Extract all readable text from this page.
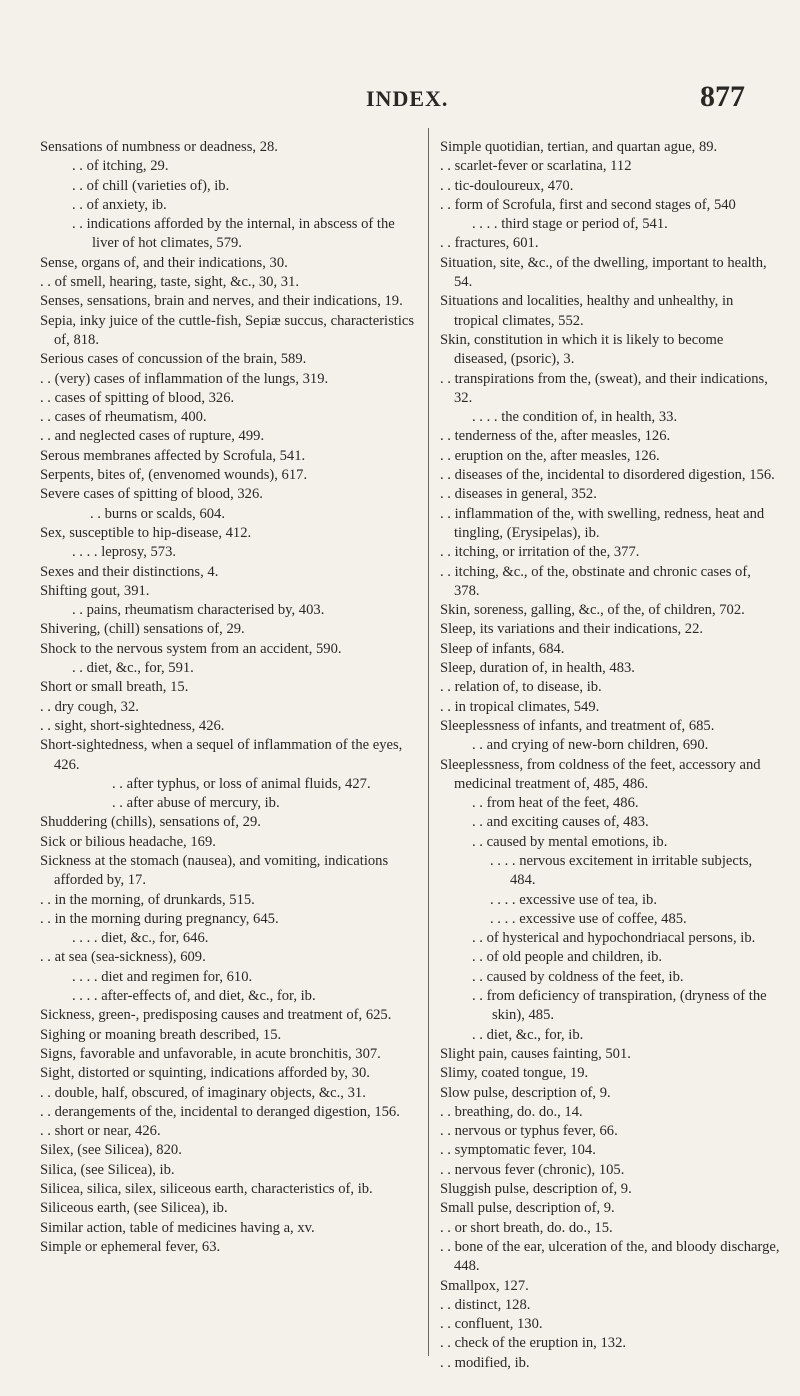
INDEX.	877

Sensations of numbness or deadness, 28.

. . of itching, 29.

. . of chill (varieties of), ib.

. . of anxiety, ib.

. . indications afforded by the internal, in abscess of the liver of hot climates, 579.

Sense, organs of, and their indications, 30.

. . of smell, hearing, taste, sight, &c., 30, 31.

Senses, sensations, brain and nerves, and their indications, 19.

Sepia, inky juice of the cuttle-fish, Sepiæ succus, characteristics of, 818.

Serious cases of concussion of the brain, 589.

. . (very) cases of inflammation of the lungs, 319.

. . cases of spitting of blood, 326.

. . cases of rheumatism, 400.

. . and neglected cases of rupture, 499.

Serous membranes affected by Scrofula, 541.

Serpents, bites of, (envenomed wounds), 617.

Severe cases of spitting of blood, 326.

. . burns or scalds, 604.

Sex, susceptible to hip-disease, 412.

. . . . leprosy, 573.

Sexes and their distinctions, 4.

Shifting gout, 391.

. . pains, rheumatism characterised by, 403.

Shivering, (chill) sensations of, 29.

Shock to the nervous system from an accident, 590.

. . diet, &c., for, 591.

Short or small breath, 15.

. . dry cough, 32.

. . sight, short-sightedness, 426.

Short-sightedness, when a sequel of inflammation of the eyes, 426.

. . after typhus, or loss of animal fluids, 427.

. . after abuse of mercury, ib.

Shuddering (chills), sensations of, 29.

Sick or bilious headache, 169.

Sickness at the stomach (nausea), and vomiting, indications afforded by, 17.

. . in the morning, of drunkards, 515.

. . in the morning during pregnancy, 645.

. . . . diet, &c., for, 646.

. . at sea (sea-sickness), 609.

. . . . diet and regimen for, 610.

. . . . after-effects of, and diet, &c., for, ib.

Sickness, green-, predisposing causes and treatment of, 625.

Sighing or moaning breath described, 15.

Signs, favorable and unfavorable, in acute bronchitis, 307.

Sight, distorted or squinting, indications afforded by, 30.

. . double, half, obscured, of imaginary objects, &c., 31.

. . derangements of the, incidental to deranged digestion, 156.

. . short or near, 426.

Silex, (see Silicea), 820.

Silica, (see Silicea), ib.

Silicea, silica, silex, siliceous earth, characteristics of, ib.

Siliceous earth, (see Silicea), ib.

Similar action, table of medicines having a, xv.

Simple or ephemeral fever, 63.

Simple quotidian, tertian, and quartan ague, 89.

. . scarlet-fever or scarlatina, 112

. . tic-douloureux, 470.

. . form of Scrofula, first and second stages of, 540

. . . . third stage or period of, 541.

. . fractures, 601.

Situation, site, &c., of the dwelling, important to health, 54.

Situations and localities, healthy and unhealthy, in tropical climates, 552.

Skin, constitution in which it is likely to become diseased, (psoric), 3.

. . transpirations from the, (sweat), and their indications, 32.

. . . . the condition of, in health, 33.

. . tenderness of the, after measles, 126.

. . eruption on the, after measles, 126.

. . diseases of the, incidental to disordered digestion, 156.

. . diseases in general, 352.

. . inflammation of the, with swelling, redness, heat and tingling, (Erysipelas), ib.

. . itching, or irritation of the, 377.

. . itching, &c., of the, obstinate and chronic cases of, 378.

Skin, soreness, galling, &c., of the, of children, 702.

Sleep, its variations and their indications, 22.

Sleep of infants, 684.

Sleep, duration of, in health, 483.

. . relation of, to disease, ib.

. . in tropical climates, 549.

Sleeplessness of infants, and treatment of, 685.

. . and crying of new-born children, 690.

Sleeplessness, from coldness of the feet, accessory and medicinal treatment of, 485, 486.

. . from heat of the feet, 486.

. . and exciting causes of, 483.

. . caused by mental emotions, ib.

. . . . nervous excitement in irritable subjects, 484.

. . . . excessive use of tea, ib.

. . . . excessive use of coffee, 485.

. . of hysterical and hypochondriacal persons, ib.

. . of old people and children, ib.

. . caused by coldness of the feet, ib.

. . from deficiency of transpiration, (dryness of the skin), 485.

. . diet, &c., for, ib.

Slight pain, causes fainting, 501.

Slimy, coated tongue, 19.

Slow pulse, description of, 9.

. . breathing, do. do., 14.

. . nervous or typhus fever, 66.

. . symptomatic fever, 104.

. . nervous fever (chronic), 105.

Sluggish pulse, description of, 9.

Small pulse, description of, 9.

. . or short breath, do. do., 15.

. . bone of the ear, ulceration of the, and bloody discharge, 448.

Smallpox, 127.

. . distinct, 128.

. . confluent, 130.

. . check of the eruption in, 132.

. . modified, ib.
